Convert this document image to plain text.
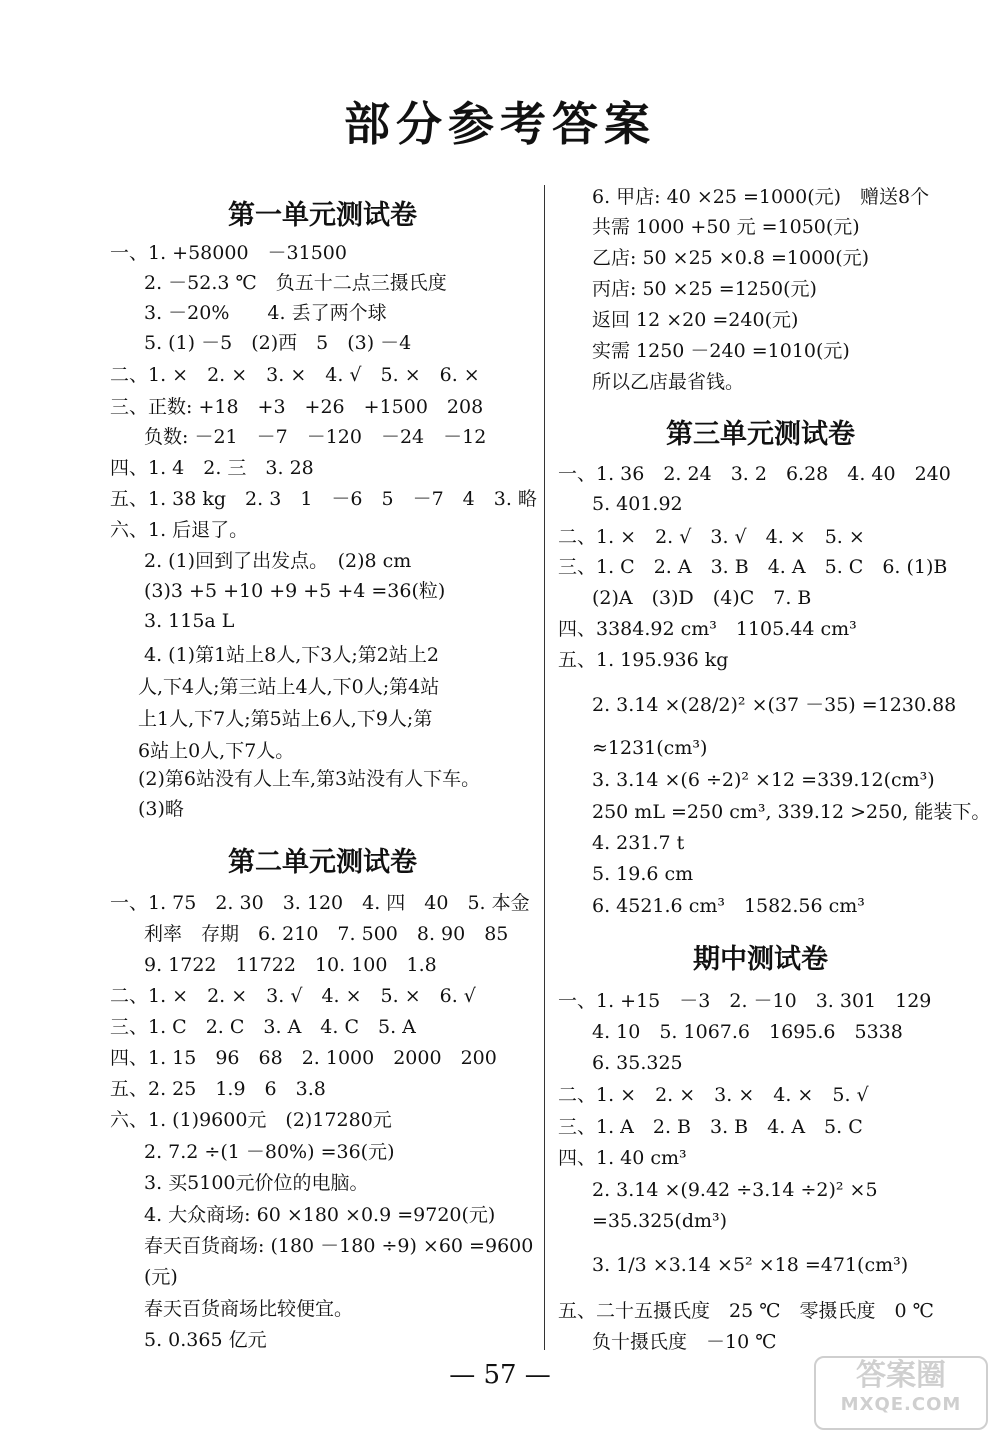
部分参考答案
第一单元测试卷
一、1. +58000　－31500
2. －52.3 ℃　负五十二点三摄氏度
3. －20%　　4. 丢了两个球
5. (1) －5　(2)西　5　(3) －4
二、1. ×　2. ×　3. ×　4. √　5. ×　6. ×
三、正数: +18　+3　+26　+1500　208
负数: －21　－7　－120　－24　－12
四、1. 4　2. 三　3. 28
五、1. 38 kg　2. 3　1　－6　5　－7　4　3. 略
六、1. 后退了。
2. (1)回到了出发点。　(2)8 cm
(3)3 +5 +10 +9 +5 +4 =36(粒)
3. 115a L
4. (1)第1站上8人,下3人;第2站上2
人,下4人;第三站上4人,下0人;第4站
上1人,下7人;第5站上6人,下9人;第
6站上0人,下7人。
(2)第6站没有人上车,第3站没有人下车。
(3)略
第二单元测试卷
一、1. 75　2. 30　3. 120　4. 四　40　5. 本金
利率　存期　6. 210　7. 500　8. 90　85
9. 1722　11722　10. 100　1.8
二、1. ×　2. ×　3. √　4. ×　5. ×　6. √
三、1. C　2. C　3. A　4. C　5. A
四、1. 15　96　68　2. 1000　2000　200
五、2. 25　1.9　6　3.8
六、1. (1)9600元　(2)17280元
2. 7.2 ÷(1 －80%) =36(元)
3. 买5100元价位的电脑。
4. 大众商场: 60 ×180 ×0.9 =9720(元)
春天百货商场: (180 －180 ÷9) ×60 =9600
(元)
春天百货商场比较便宜。
5. 0.365 亿元
6. 甲店: 40 ×25 =1000(元)　赠送8个
共需 1000 +50 元 =1050(元)
乙店: 50 ×25 ×0.8 =1000(元)
丙店: 50 ×25 =1250(元)
返回 12 ×20 =240(元)
实需 1250 －240 =1010(元)
所以乙店最省钱。
第三单元测试卷
一、1. 36　2. 24　3. 2　6.28　4. 40　240
5. 401.92
二、1. ×　2. √　3. √　4. ×　5. ×
三、1. C　2. A　3. B　4. A　5. C　6. (1)B
(2)A　(3)D　(4)C　7. B
四、3384.92 cm³　1105.44 cm³
五、1. 195.936 kg
2. 3.14 ×(28/2)² ×(37 －35) =1230.88
≈1231(cm³)
3. 3.14 ×(6 ÷2)² ×12 =339.12(cm³)
250 mL =250 cm³, 339.12 >250, 能装下。
4. 231.7 t
5. 19.6 cm
6. 4521.6 cm³　1582.56 cm³
期中测试卷
一、1. +15　－3　2. －10　3. 301　129
4. 10　5. 1067.6　1695.6　5338
6. 35.325
二、1. ×　2. ×　3. ×　4. ×　5. √
三、1. A　2. B　3. B　4. A　5. C
四、1. 40 cm³
2. 3.14 ×(9.42 ÷3.14 ÷2)² ×5
=35.325(dm³)
3. 1/3 ×3.14 ×5² ×18 =471(cm³)
五、二十五摄氏度　25 ℃　零摄氏度　0 ℃
负十摄氏度　－10 ℃
— 57 —	答案圈
MXQE.COM
